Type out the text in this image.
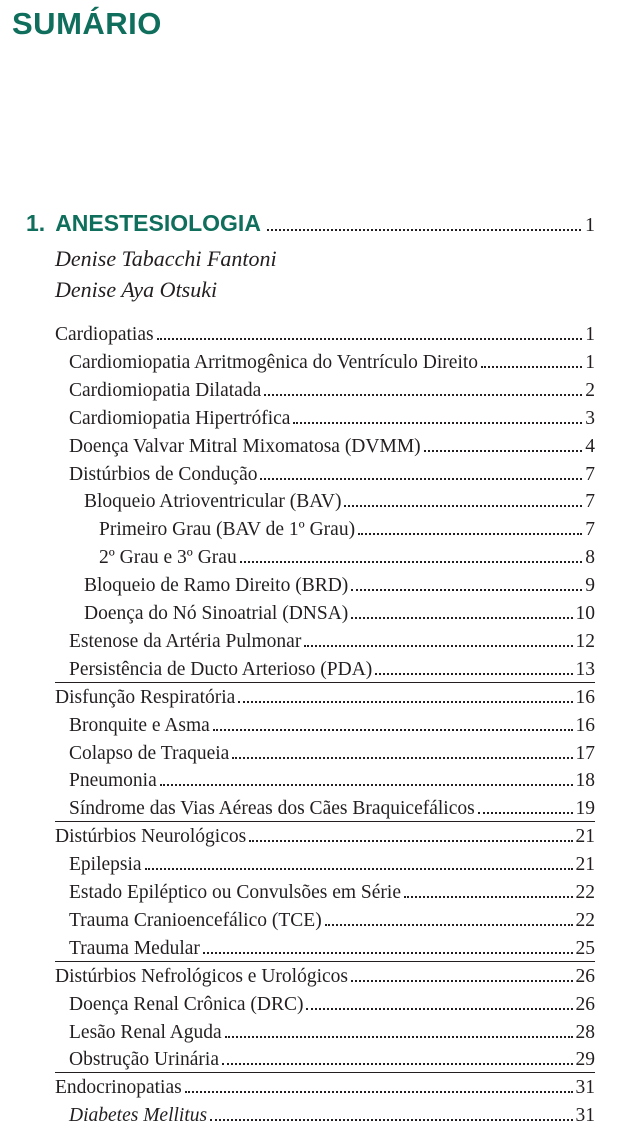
SUMÁRIO
1. ANESTESIOLOGIA	1
Denise Tabacchi Fantoni
Denise Aya Otsuki
Cardiopatias	1
Cardiomiopatia Arritmogênica do Ventrículo Direito	1
Cardiomiopatia Dilatada	2
Cardiomiopatia Hipertrófica	3
Doença Valvar Mitral Mixomatosa (DVMM)	4
Distúrbios de Condução	7
Bloqueio Atrioventricular (BAV)	7
Primeiro Grau (BAV de 1º Grau)	7
2º Grau e 3º Grau	8
Bloqueio de Ramo Direito (BRD)	9
Doença do Nó Sinoatrial (DNSA)	10
Estenose da Artéria Pulmonar	12
Persistência de Ducto Arterioso (PDA)	13
Disfunção Respiratória	16
Bronquite e Asma	16
Colapso de Traqueia	17
Pneumonia	18
Síndrome das Vias Aéreas dos Cães Braquicefálicos	19
Distúrbios Neurológicos	21
Epilepsia	21
Estado Epiléptico ou Convulsões em Série	22
Trauma Cranioencefálico (TCE)	22
Trauma Medular	25
Distúrbios Nefrológicos e Urológicos	26
Doença Renal Crônica (DRC)	26
Lesão Renal Aguda	28
Obstrução Urinária	29
Endocrinopatias	31
Diabetes Mellitus	31
